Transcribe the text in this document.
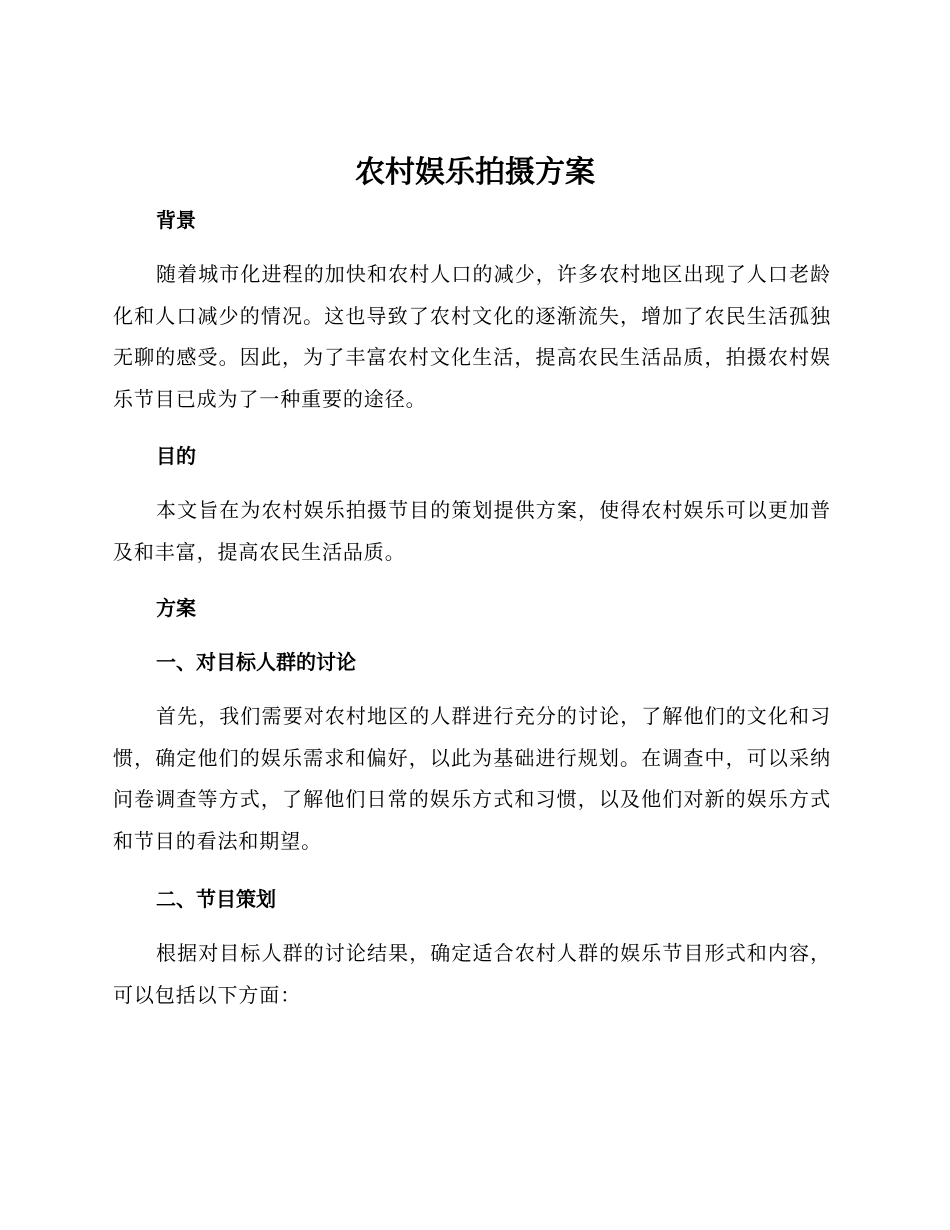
农村娱乐拍摄方案
背景

随着城市化进程的加快和农村人口的减少，许多农村地区出现了人口老龄化和人口减少的情况。这也导致了农村文化的逐渐流失，增加了农民生活孤独无聊的感受。因此，为了丰富农村文化生活，提高农民生活品质，拍摄农村娱乐节目已成为了一种重要的途径。

目的

本文旨在为农村娱乐拍摄节目的策划提供方案，使得农村娱乐可以更加普及和丰富，提高农民生活品质。

方案
一、对目标人群的讨论

首先，我们需要对农村地区的人群进行充分的讨论，了解他们的文化和习惯，确定他们的娱乐需求和偏好，以此为基础进行规划。在调查中，可以采纳问卷调查等方式，了解他们日常的娱乐方式和习惯，以及他们对新的娱乐方式和节目的看法和期望。

二、节目策划

根据对目标人群的讨论结果，确定适合农村人群的娱乐节目形式和内容，可以包括以下方面：
